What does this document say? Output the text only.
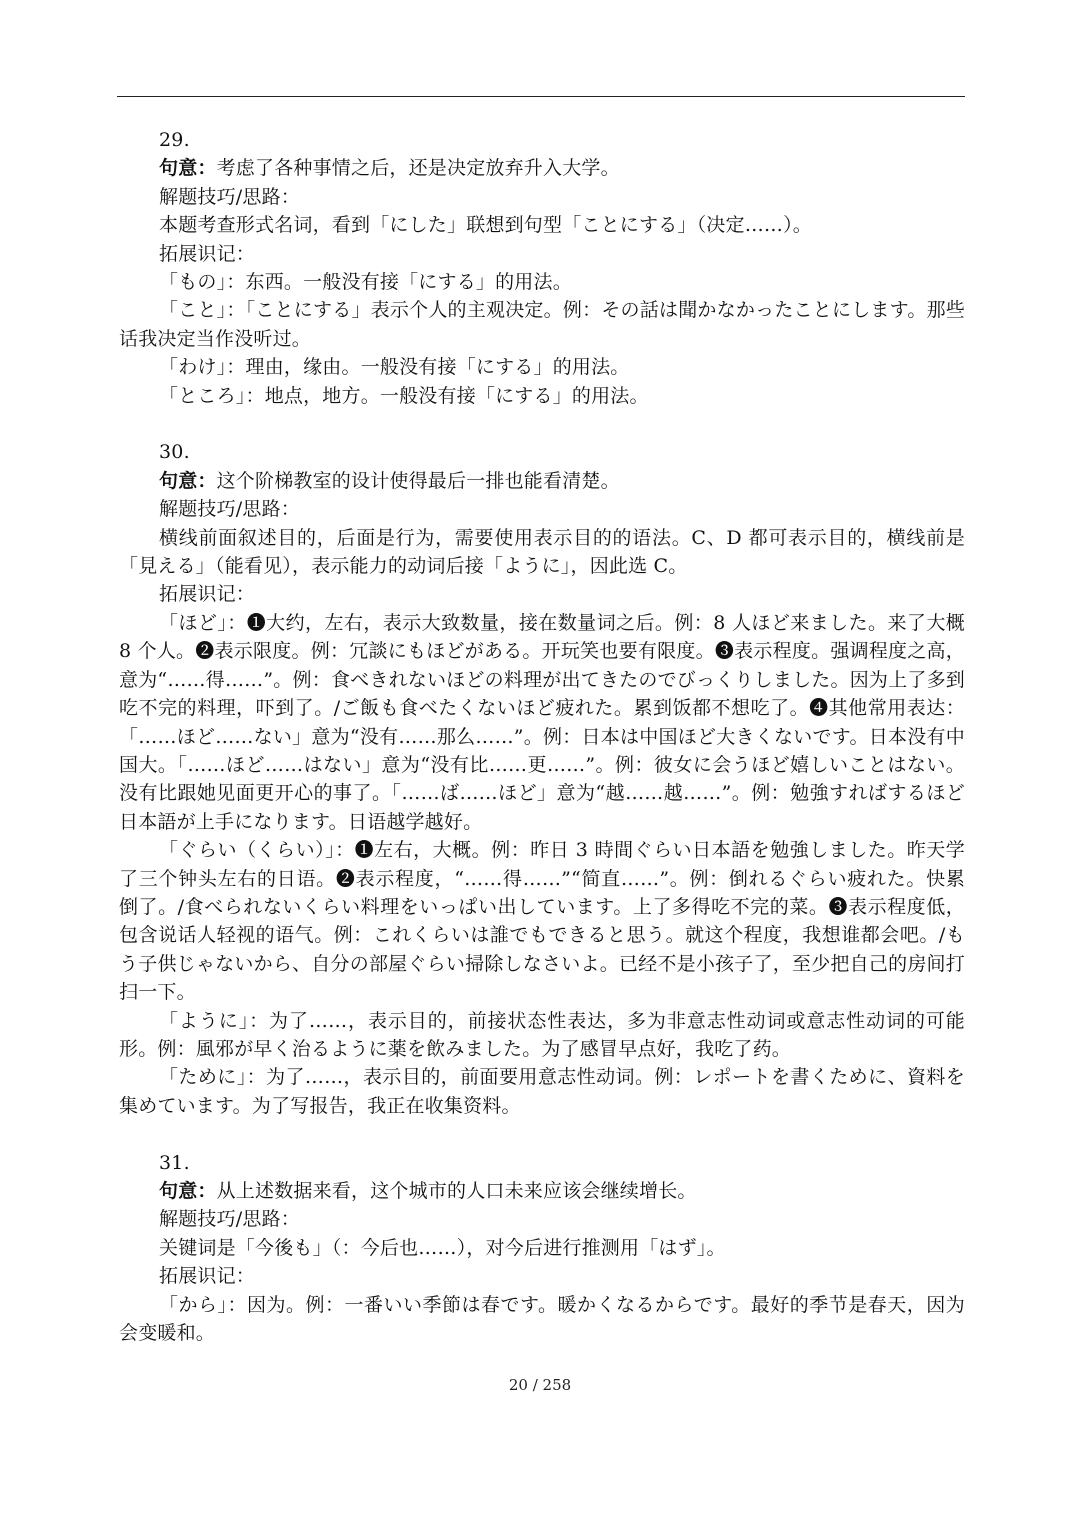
29.

句意：考虑了各种事情之后，还是决定放弃升入大学。

解题技巧/思路：

本题考查形式名词，看到「にした」联想到句型「ことにする」（决定……）。

拓展识记：

「もの」：东西。一般没有接「にする」的用法。

「こと」：「ことにする」表示个人的主观决定。例：その話は聞かなかったことにします。那些话我决定当作没听过。

「わけ」：理由，缘由。一般没有接「にする」的用法。

「ところ」：地点，地方。一般没有接「にする」的用法。

30.

句意：这个阶梯教室的设计使得最后一排也能看清楚。

解题技巧/思路：

横线前面叙述目的，后面是行为，需要使用表示目的的语法。C、D 都可表示目的，横线前是「見える」（能看见），表示能力的动词后接「ように」，因此选 C。

拓展识记：

「ほど」：❶大约，左右，表示大致数量，接在数量词之后。例：8 人ほど来ました。来了大概 8 个人。❷表示限度。例：冗談にもほどがある。开玩笑也要有限度。❸表示程度。强调程度之高，意为“……得……”。例：食べきれないほどの料理が出てきたのでびっくりしました。因为上了多到吃不完的料理，吓到了。/ご飯も食べたくないほど疲れた。累到饭都不想吃了。❹其他常用表达：「……ほど……ない」意为“没有……那么……”。例：日本は中国ほど大きくないです。日本没有中国大。「……ほど……はない」意为“没有比……更……”。例：彼女に会うほど嬉しいことはない。没有比跟她见面更开心的事了。「……ば……ほど」意为“越……越……”。例：勉強すればするほど日本語が上手になります。日语越学越好。

「ぐらい（くらい）」：❶左右，大概。例：昨日 3 時間ぐらい日本語を勉強しました。昨天学了三个钟头左右的日语。❷表示程度，“……得……”“简直……”。例：倒れるぐらい疲れた。快累倒了。/食べられないくらい料理をいっぱい出しています。上了多得吃不完的菜。❸表示程度低，包含说话人轻视的语气。例：これくらいは誰でもできると思う。就这个程度，我想谁都会吧。/もう子供じゃないから、自分の部屋ぐらい掃除しなさいよ。已经不是小孩子了，至少把自己的房间打扫一下。

「ように」：为了……，表示目的，前接状态性表达，多为非意志性动词或意志性动词的可能形。例：風邪が早く治るように薬を飲みました。为了感冒早点好，我吃了药。

「ために」：为了……，表示目的，前面要用意志性动词。例：レポートを書くために、資料を集めています。为了写报告，我正在收集资料。

31.

句意：从上述数据来看，这个城市的人口未来应该会继续增长。

解题技巧/思路：

关键词是「今後も」（：今后也……），对今后进行推测用「はず」。

拓展识记：

「から」：因为。例：一番いい季節は春です。暖かくなるからです。最好的季节是春天，因为会变暖和。

20 / 258
